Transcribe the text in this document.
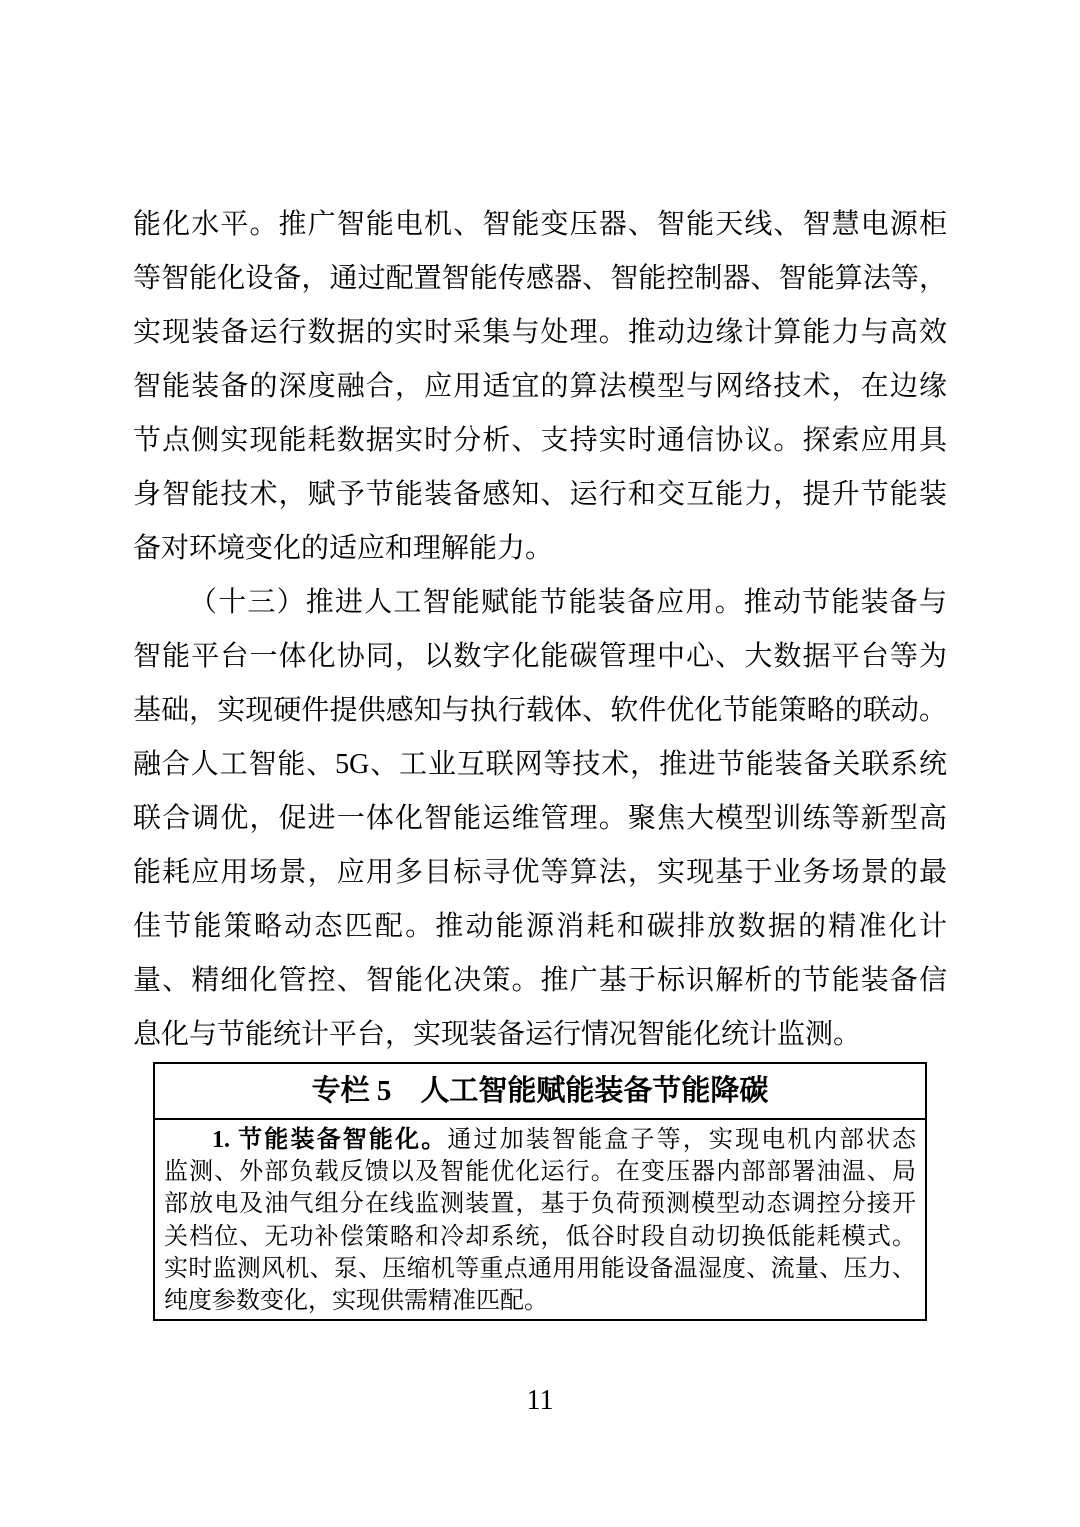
能化水平。推广智能电机、智能变压器、智能天线、智慧电源柜
等智能化设备，通过配置智能传感器、智能控制器、智能算法等，
实现装备运行数据的实时采集与处理。推动边缘计算能力与高效
智能装备的深度融合，应用适宜的算法模型与网络技术，在边缘
节点侧实现能耗数据实时分析、支持实时通信协议。探索应用具
身智能技术，赋予节能装备感知、运行和交互能力，提升节能装
备对环境变化的适应和理解能力。
（十三）推进人工智能赋能节能装备应用。推动节能装备与
智能平台一体化协同，以数字化能碳管理中心、大数据平台等为
基础，实现硬件提供感知与执行载体、软件优化节能策略的联动。
融合人工智能、5G、工业互联网等技术，推进节能装备关联系统
联合调优，促进一体化智能运维管理。聚焦大模型训练等新型高
能耗应用场景，应用多目标寻优等算法，实现基于业务场景的最
佳节能策略动态匹配。推动能源消耗和碳排放数据的精准化计
量、精细化管控、智能化决策。推广基于标识解析的节能装备信
息化与节能统计平台，实现装备运行情况智能化统计监测。
专栏 5　人工智能赋能装备节能降碳
1. 节能装备智能化。通过加装智能盒子等，实现电机内部状态
监测、外部负载反馈以及智能优化运行。在变压器内部部署油温、局
部放电及油气组分在线监测装置，基于负荷预测模型动态调控分接开
关档位、无功补偿策略和冷却系统，低谷时段自动切换低能耗模式。
实时监测风机、泵、压缩机等重点通用用能设备温湿度、流量、压力、
纯度参数变化，实现供需精准匹配。
11
